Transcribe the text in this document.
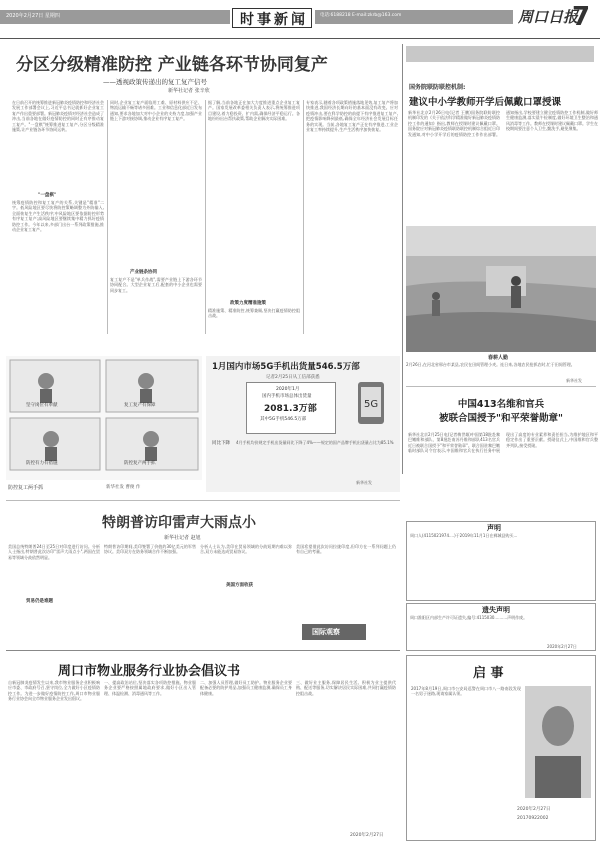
2020年2月27日 星期四	时事新闻	电话:6188218 E-mail:zkrb@163.com	周口日报
7
分区分级精准防控 产业链各环节协同复产
——透视政策传递出的复工复产信号
新华社记者 张辛欣
在日前召开的统筹推进新冠肺炎疫情防控和经济社会发展工作部署会议上,习近平总书记就抓好企业复工复产作出重要部署。新冠肺炎疫情对经济社会造成了冲击,当前各地在做好疫情防控的同时正有序推动复工复产。"一盘棋"统筹推进复工复产,分区分级精准施策,让产业链各环节协同运转。
"一盘棋"
统筹疫情防控和复工复产的关系,关键是"精准"二字。低风险地区要尽快将防控策略调整为外防输入,全面恢复生产生活秩序;中风险地区要依据防控形势有序复工复产;高风险地区要继续集中精力抓好疫情防控工作。今年以来,多部门出台一系列政策措施,推动企业复工复产。
同时,企业复工复产面临用工难、原材料供应不足、物流运输不畅等诸多困难。工业和信息化部近日发布通知,要求各地加大对中小企业的支持力度,加强产业链上下游对接协调,推动企业有序复工复产。
产业链条协同
复工复产不是"单兵作战",需要产业链上下游各环节协同配合。大型企业复工后,配套的中小企业也需要同步复工。
据了解,当前各地正在加大力度推进重点企业复工复产。国家发展改革委相关负责人表示,将统筹推进项目建设,着力稳投资、扩内需,确保经济平稳运行。各地纷纷出台帮扶政策,帮助企业解决实际困难。
政策力度精准施策
精准施策、精准防控,统筹兼顾,坚决打赢疫情防控阻击战。
专家表示,随着各项政策措施落地见效,复工复产将加快推进,我国经济长期向好的基本面没有改变。应对疫情冲击,要在科学防控的前提下有序推进复工复产,把疫情影响降到最低,确保全年经济社会发展目标任务的实现。当前,各地复工复产正在有序推进,工业企业复工率持续提升,生产生活秩序加快恢复。
国务院联防联控机制:
建议中小学教师开学后佩戴口罩授课
新华社北京2月26日电(记者 王鹏)国务院联防联控机制印发的《关于依法科学精准做好新冠肺炎疫情防控工作的通知》指出,教师在授课时建议佩戴口罩。国务院应对新冠肺炎疫情联防联控机制综合组近日印发通知,对中小学开学后的疫情防控工作作出部署。通知指出,学校要建立健全疫情防控工作机制,做好师生健康监测,落实晨午检制度,做好环境卫生整治和通风消毒等工作。教师在授课时建议佩戴口罩。学生在校期间要注意个人卫生,勤洗手,避免聚集。
春耕人勤
2月26日,在河北省邢台市某县,农民在田间管理小麦。连日来,各地农民抢抓农时,忙于田间管理。
新华社发
中国413名维和官兵
被联合国授予"和平荣誉勋章"
新华社北京2月25日电(记者梅世雄)中国第18批赴黎巴嫩维和部队、第8批赴南苏丹维和部队413名官兵近日被联合国授予"和平荣誉勋章"。联合国驻黎巴嫩临时部队司令官表示,中国维和官兵在执行任务中展现出了高度的专业素养和责任担当,为维护地区和平稳定作出了重要贡献。授勋仪式上,中国维和官兵整齐列队,接受授勋。
声明
周口人(4115021974....)于2019年11月1日在郸城县购买...
遗失声明
周口淮阳区内部生产许可证遗失,编号:4115030..........声明作废。
2020年2月27日
坚守岗位有奉献	复工复产有保障
防控有力有措施	防控复产两手抓
防控复工两手抓	新华社发 曹俊 作
1月国内市场5G手机出货量546.5万部
记者2月25日从工信部获悉
2020年1月
国内手机市场总体出货量
2081.3万部
其中5G手机546.5万部
5G
同比下降 4月手机均价规定手机出货量同比下降了4%——规定的国产品牌手机出货量占比为85.1%
新华社发
特朗普访印雷声大雨点小
新华社记者 赵旭
美国总统特朗普24日至25日对印度进行访问。分析人士指出,特朗普此次访印"雷声大雨点小",两国在贸易等领域分歧依然明显。
贸易仍是难题
特朗普访印期间,美印签署了价值约30亿美元的军售协议。美印双方在防务领域合作不断加强。
分析人士认为,美印在贸易领域的分歧短期内难以弥合,双方未能达成贸易协议。
美国方面收获
美国希望借此次访问拉拢印度,但印方在一系列问题上仍有自己的考量。
国际观察
周口市物业服务行业协会倡议书
自新冠肺炎疫情发生以来,我市物业服务企业积极响应市委、市政府号召,坚守岗位,全力做好小区疫情防控工作。为进一步做好疫情防控工作,周口市物业服务行业协会向全市物业服务企业发出倡议。
一、提高政治站位,坚决落实各项防控措施。物业服务企业要严格按照属地政府要求,做好小区出入管理、体温检测、消毒通风等工作。
二、加强人员管理,做好员工防护。物业服务企业要配备必要的防护用品,加强员工健康监测,确保员工身体健康。
三、做好业主服务,保障居民生活。积极为业主提供代购、配送等服务,切实解决居民实际困难,共同打赢疫情防控阻击战。
2020年2月27日
启 事
2017年8月19日,周口市公安局巡警在周口市八一路南段发现一名男子迷路,现请家属认领。
2020年2月27日
20170922002
